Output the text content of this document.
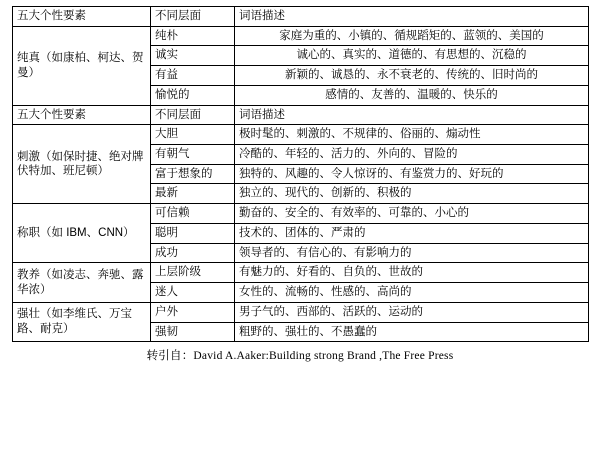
五大个性要素	不同层面	词语描述
纯真（如康柏、柯达、贺曼）	纯朴	家庭为重的、小镇的、循规蹈矩的、蓝领的、美国的
	诚实	诚心的、真实的、道德的、有思想的、沉稳的
	有益	新颖的、诚恳的、永不衰老的、传统的、旧时尚的
	愉悦的	感情的、友善的、温暖的、快乐的
五大个性要素	不同层面	词语描述
刺激（如保时捷、绝对牌伏特加、班尼顿）	大胆	极时髦的、刺激的、不规律的、俗丽的、煽动性
	有朝气	冷酷的、年轻的、活力的、外向的、冒险的
	富于想象的	独特的、风趣的、令人惊讶的、有鉴赏力的、好玩的
	最新	独立的、现代的、创新的、积极的
称职（如 IBM、CNN）	可信赖	勤奋的、安全的、有效率的、可靠的、小心的
	聪明	技术的、团体的、严肃的
	成功	领导者的、有信心的、有影响力的
教养（如凌志、奔驰、露华浓）	上层阶级	有魅力的、好看的、自负的、世故的
	迷人	女性的、流畅的、性感的、高尚的
强壮（如李维氏、万宝路、耐克）	户外	男子气的、西部的、活跃的、运动的
	强韧	粗野的、强壮的、不愚蠢的
转引自：David A.Aaker:Building strong Brand ,The Free Press
